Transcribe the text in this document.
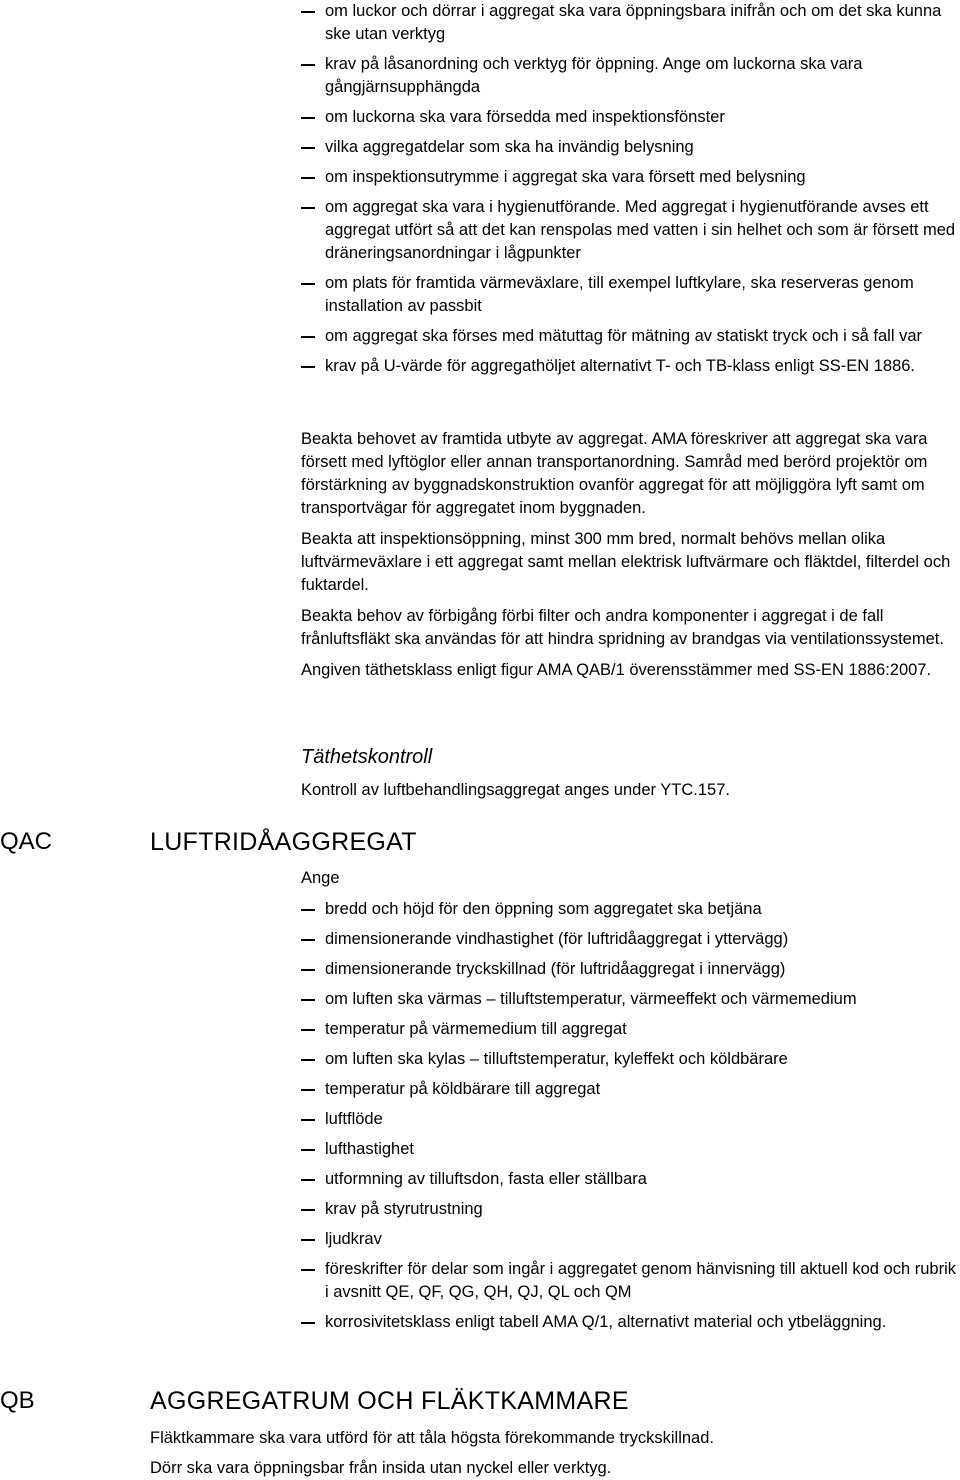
om luckor och dörrar i aggregat ska vara öppningsbara inifrån och om det ska kunna ske utan verktyg
krav på låsanordning och verktyg för öppning. Ange om luckorna ska vara gångjärnsupphängda
om luckorna ska vara försedda med inspektionsfönster
vilka aggregatdelar som ska ha invändig belysning
om inspektionsutrymme i aggregat ska vara försett med belysning
om aggregat ska vara i hygienutförande. Med aggregat i hygienutförande avses ett aggregat utfört så att det kan renspolas med vatten i sin helhet och som är försett med dräneringsanordningar i lågpunkter
om plats för framtida värmeväxlare, till exempel luftkylare, ska reserveras genom installation av passbit
om aggregat ska förses med mätuttag för mätning av statiskt tryck och i så fall var
krav på U-värde för aggregathöljet alternativt T- och TB-klass enligt SS-EN 1886.

Beakta behovet av framtida utbyte av aggregat. AMA föreskriver att aggregat ska vara försett med lyftöglor eller annan transportanordning. Samråd med berörd projektör om förstärkning av byggnadskonstruktion ovanför aggregat för att möjliggöra lyft samt om transportvägar för aggregatet inom byggnaden.

Beakta att inspektionsöppning, minst 300 mm bred, normalt behövs mellan olika luftvärmeväxlare i ett aggregat samt mellan elektrisk luftvärmare och fläktdel, filterdel och fuktardel.

Beakta behov av förbigång förbi filter och andra komponenter i aggregat i de fall frånluftsfläkt ska användas för att hindra spridning av brandgas via ventilationssystemet.

Angiven täthetsklass enligt figur AMA QAB/1 överensstämmer med SS-EN 1886:2007.

Täthetskontroll
Kontroll av luftbehandlingsaggregat anges under YTC.157.
QAC	LUFTRIDÅAGGREGAT
Ange
bredd och höjd för den öppning som aggregatet ska betjäna
dimensionerande vindhastighet (för luftridåaggregat i yttervägg)
dimensionerande tryckskillnad (för luftridåaggregat i innervägg)
om luften ska värmas – tilluftstemperatur, värmeeffekt och värmemedium
temperatur på värmemedium till aggregat
om luften ska kylas – tilluftstemperatur, kyleffekt och köldbärare
temperatur på köldbärare till aggregat
luftflöde
lufthastighet
utformning av tilluftsdon, fasta eller ställbara
krav på styrutrustning
ljudkrav
föreskrifter för delar som ingår i aggregatet genom hänvisning till aktuell kod och rubrik i avsnitt QE, QF, QG, QH, QJ, QL och QM
korrosivitetsklass enligt tabell AMA Q/1, alternativt material och ytbeläggning.
QB	AGGREGATRUM OCH FLÄKTKAMMARE
Fläktkammare ska vara utförd för att tåla högsta förekommande tryckskillnad.
Dörr ska vara öppningsbar från insida utan nyckel eller verktyg.
